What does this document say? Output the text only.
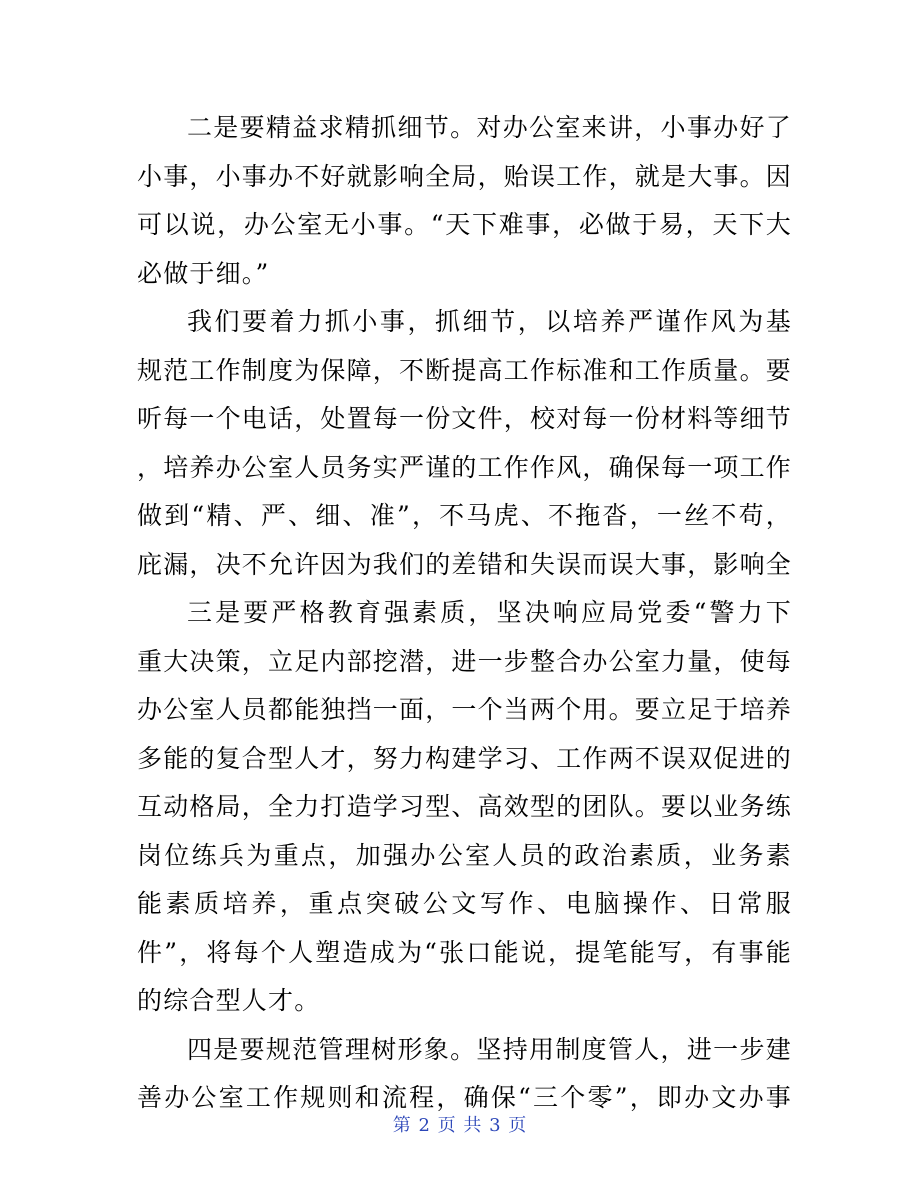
二是要精益求精抓细节。对办公室来讲，小事办好了
小事，小事办不好就影响全局，贻误工作，就是大事。因
可以说，办公室无小事。“天下难事，必做于易，天下大
必做于细。”
我们要着力抓小事，抓细节，以培养严谨作风为基
规范工作制度为保障，不断提高工作标准和工作质量。要
听每一个电话，处置每一份文件，校对每一份材料等细节
，培养办公室人员务实严谨的工作作风，确保每一项工作
做到“精、严、细、准”，不马虎、不拖沓，一丝不苟，
庇漏，决不允许因为我们的差错和失误而误大事，影响全
三是要严格教育强素质，坚决响应局党委“警力下
重大决策，立足内部挖潜，进一步整合办公室力量，使每
办公室人员都能独挡一面，一个当两个用。要立足于培养
多能的复合型人才，努力构建学习、工作两不误双促进的
互动格局，全力打造学习型、高效型的团队。要以业务练
岗位练兵为重点，加强办公室人员的政治素质，业务素
能素质培养，重点突破公文写作、电脑操作、日常服
件”，将每个人塑造成为“张口能说，提笔能写，有事能
的综合型人才。
四是要规范管理树形象。坚持用制度管人，进一步建
善办公室工作规则和流程，确保“三个零”，即办文办事
第 2 页 共 3 页
